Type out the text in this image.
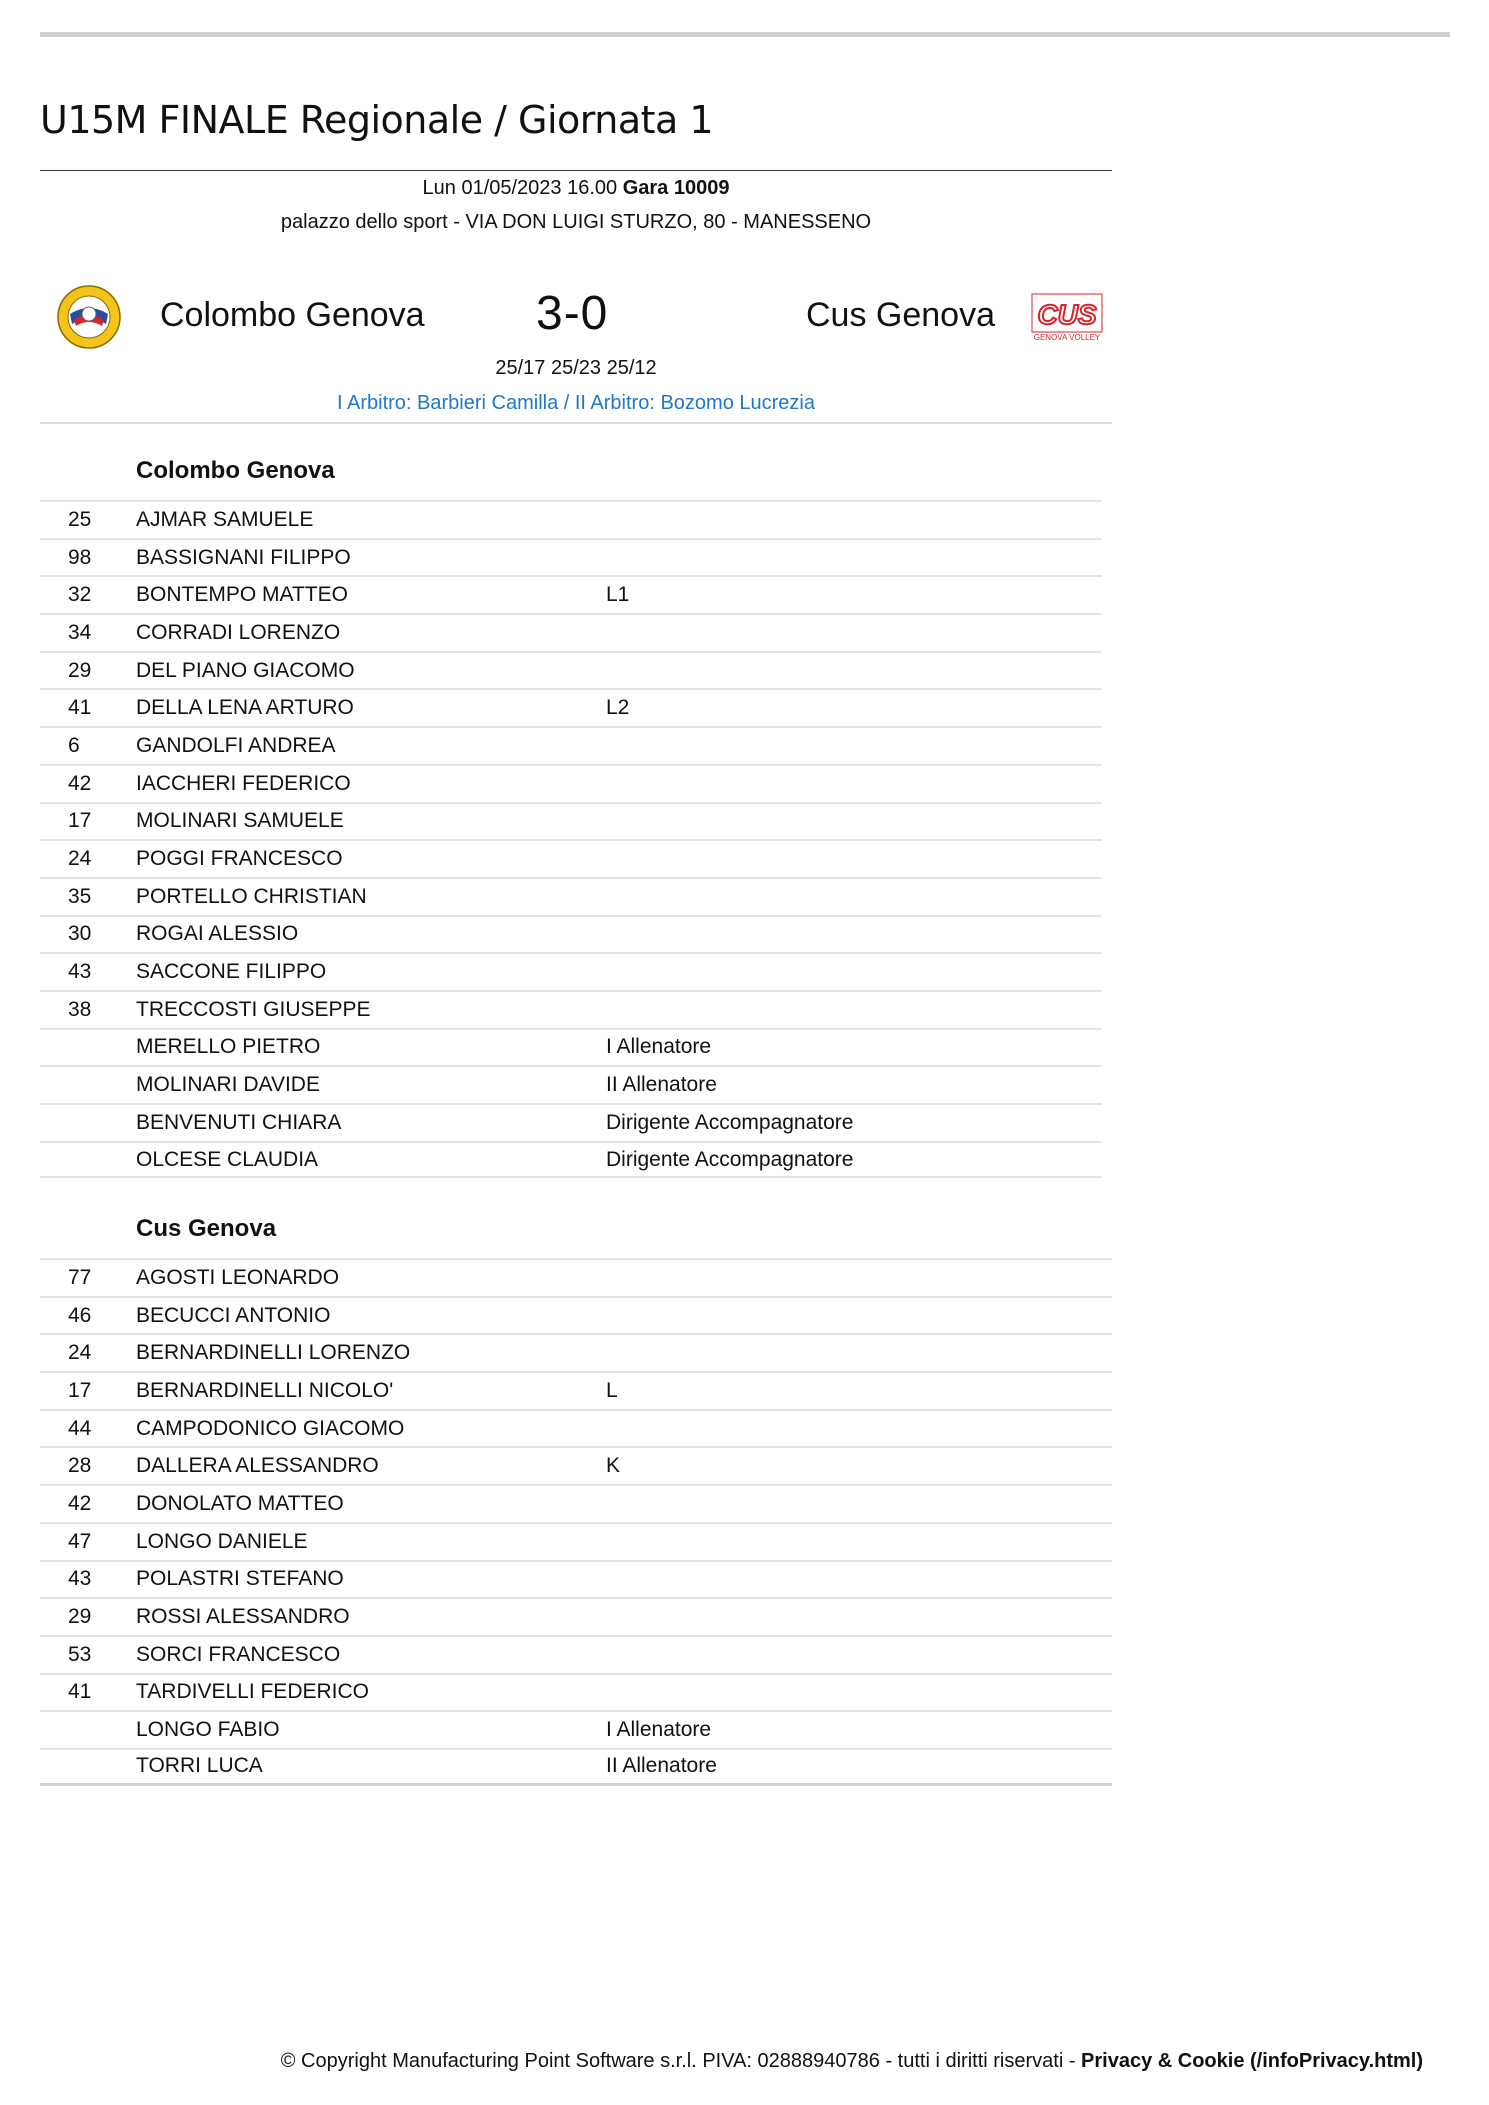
U15M FINALE Regionale / Giornata 1
Lun 01/05/2023 16.00 Gara 10009
palazzo dello sport - VIA DON LUIGI STURZO, 80 - MANESSENO
Colombo Genova 3-0	Cus Genova CUS
GENOVA VOLLEY
25/17 25/23 25/12
I Arbitro: Barbieri Camilla / II Arbitro: Bozomo Lucrezia
Colombo Genova
25	AJMAR SAMUELE
98	BASSIGNANI FILIPPO
32	BONTEMPO MATTEO	L1
34	CORRADI LORENZO
29	DEL PIANO GIACOMO
41	DELLA LENA ARTURO	L2
6	GANDOLFI ANDREA
42	IACCHERI FEDERICO
17	MOLINARI SAMUELE
24	POGGI FRANCESCO
35	PORTELLO CHRISTIAN
30	ROGAI ALESSIO
43	SACCONE FILIPPO
38	TRECCOSTI GIUSEPPE
MERELLO PIETRO	I Allenatore
MOLINARI DAVIDE	II Allenatore
BENVENUTI CHIARA	Dirigente Accompagnatore
OLCESE CLAUDIA	Dirigente Accompagnatore
Cus Genova
77	AGOSTI LEONARDO
46	BECUCCI ANTONIO
24	BERNARDINELLI LORENZO
17	BERNARDINELLI NICOLO'	L
44	CAMPODONICO GIACOMO
28	DALLERA ALESSANDRO	K
42	DONOLATO MATTEO
47	LONGO DANIELE
43	POLASTRI STEFANO
29	ROSSI ALESSANDRO
53	SORCI FRANCESCO
41	TARDIVELLI FEDERICO
LONGO FABIO	I Allenatore
TORRI LUCA	II Allenatore
© Copyright Manufacturing Point Software s.r.l. PIVA: 02888940786 - tutti i diritti riservati - Privacy & Cookie (/infoPrivacy.html)
